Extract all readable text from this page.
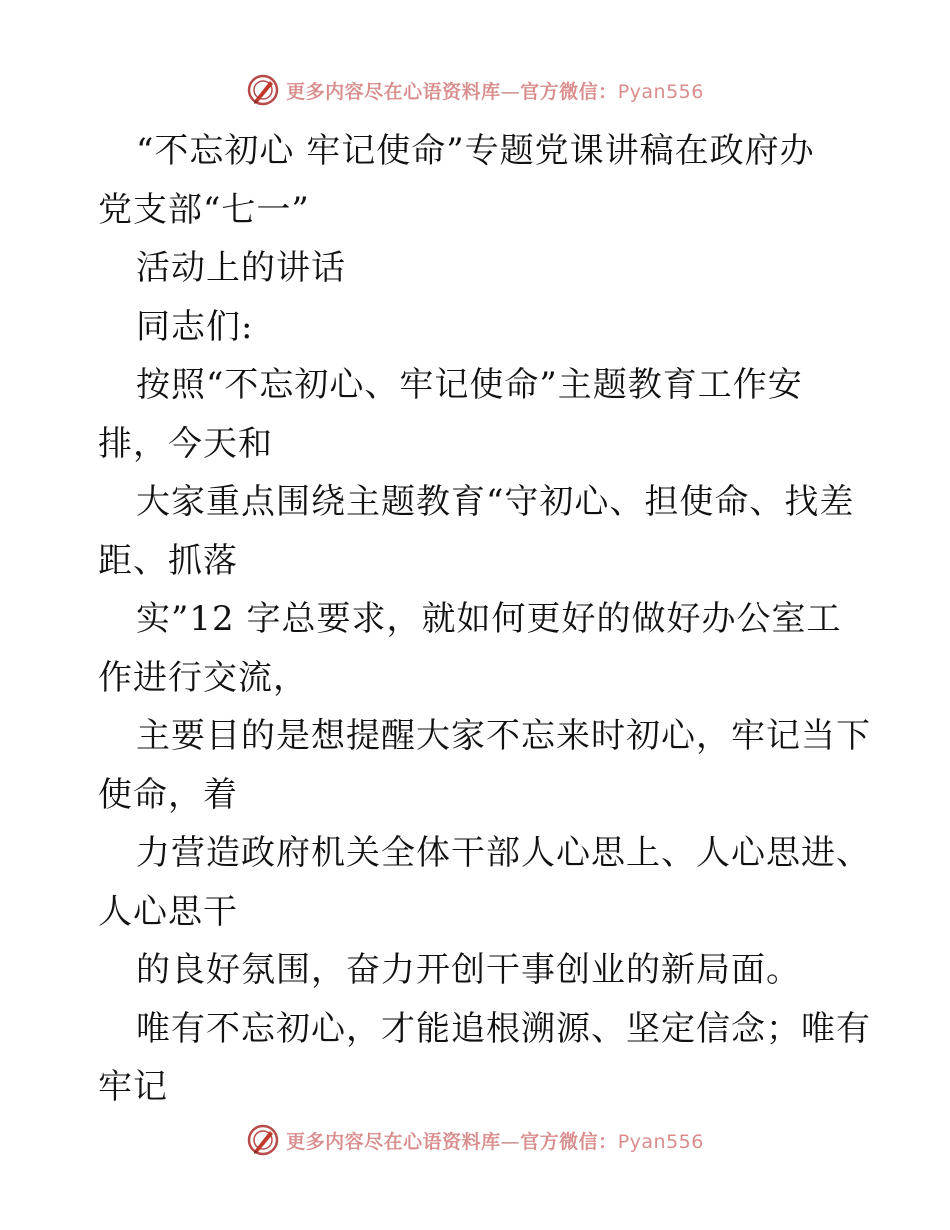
更多内容尽在心语资料库—官方微信：Pyan556
“不忘初心 牢记使命”专题党课讲稿在政府办
党支部“七一”
活动上的讲话
同志们:
按照“不忘初心、牢记使命”主题教育工作安
排，今天和
大家重点围绕主题教育“守初心、担使命、找差
距、抓落
实”12 字总要求，就如何更好的做好办公室工
作进行交流，
主要目的是想提醒大家不忘来时初心，牢记当下
使命，着
力营造政府机关全体干部人心思上、人心思进、
人心思干
的良好氛围，奋力开创干事创业的新局面。
唯有不忘初心，才能追根溯源、坚定信念；唯有
牢记
更多内容尽在心语资料库—官方微信：Pyan556
